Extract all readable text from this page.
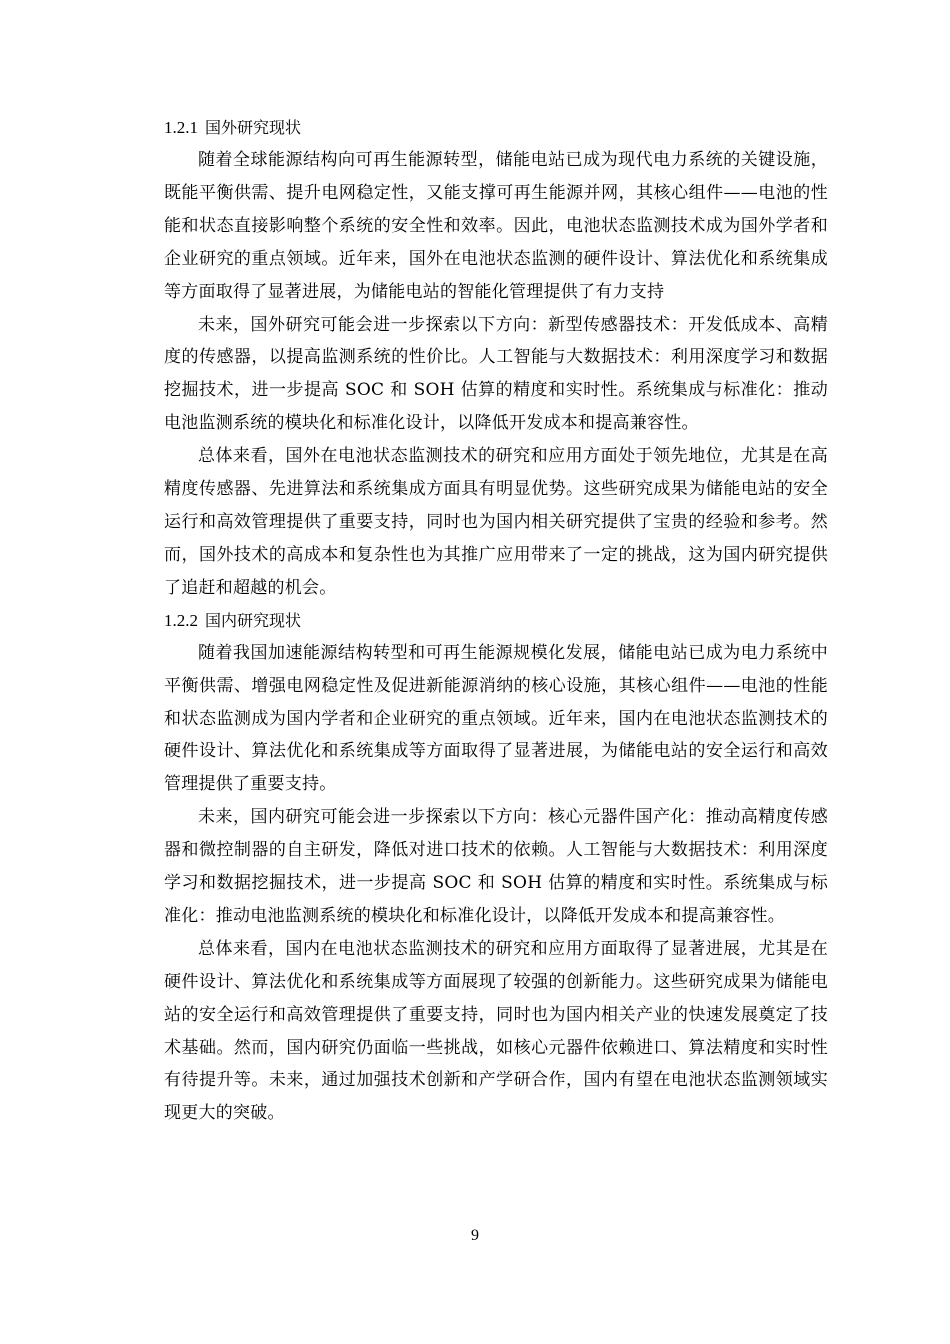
1.2.1 国外研究现状

随着全球能源结构向可再生能源转型，储能电站已成为现代电力系统的关键设施，既能平衡供需、提升电网稳定性，又能支撑可再生能源并网，其核心组件——电池的性能和状态直接影响整个系统的安全性和效率。因此，电池状态监测技术成为国外学者和企业研究的重点领域。近年来，国外在电池状态监测的硬件设计、算法优化和系统集成等方面取得了显著进展，为储能电站的智能化管理提供了有力支持

未来，国外研究可能会进一步探索以下方向：新型传感器技术：开发低成本、高精度的传感器，以提高监测系统的性价比。人工智能与大数据技术：利用深度学习和数据挖掘技术，进一步提高 SOC 和 SOH 估算的精度和实时性。系统集成与标准化：推动电池监测系统的模块化和标准化设计，以降低开发成本和提高兼容性。

总体来看，国外在电池状态监测技术的研究和应用方面处于领先地位，尤其是在高精度传感器、先进算法和系统集成方面具有明显优势。这些研究成果为储能电站的安全运行和高效管理提供了重要支持，同时也为国内相关研究提供了宝贵的经验和参考。然而，国外技术的高成本和复杂性也为其推广应用带来了一定的挑战，这为国内研究提供了追赶和超越的机会。

1.2.2 国内研究现状

随着我国加速能源结构转型和可再生能源规模化发展，储能电站已成为电力系统中平衡供需、增强电网稳定性及促进新能源消纳的核心设施，其核心组件——电池的性能和状态监测成为国内学者和企业研究的重点领域。近年来，国内在电池状态监测技术的硬件设计、算法优化和系统集成等方面取得了显著进展，为储能电站的安全运行和高效管理提供了重要支持。

未来，国内研究可能会进一步探索以下方向：核心元器件国产化：推动高精度传感器和微控制器的自主研发，降低对进口技术的依赖。人工智能与大数据技术：利用深度学习和数据挖掘技术，进一步提高 SOC 和 SOH 估算的精度和实时性。系统集成与标准化：推动电池监测系统的模块化和标准化设计，以降低开发成本和提高兼容性。

总体来看，国内在电池状态监测技术的研究和应用方面取得了显著进展，尤其是在硬件设计、算法优化和系统集成等方面展现了较强的创新能力。这些研究成果为储能电站的安全运行和高效管理提供了重要支持，同时也为国内相关产业的快速发展奠定了技术基础。然而，国内研究仍面临一些挑战，如核心元器件依赖进口、算法精度和实时性有待提升等。未来，通过加强技术创新和产学研合作，国内有望在电池状态监测领域实现更大的突破。

9
